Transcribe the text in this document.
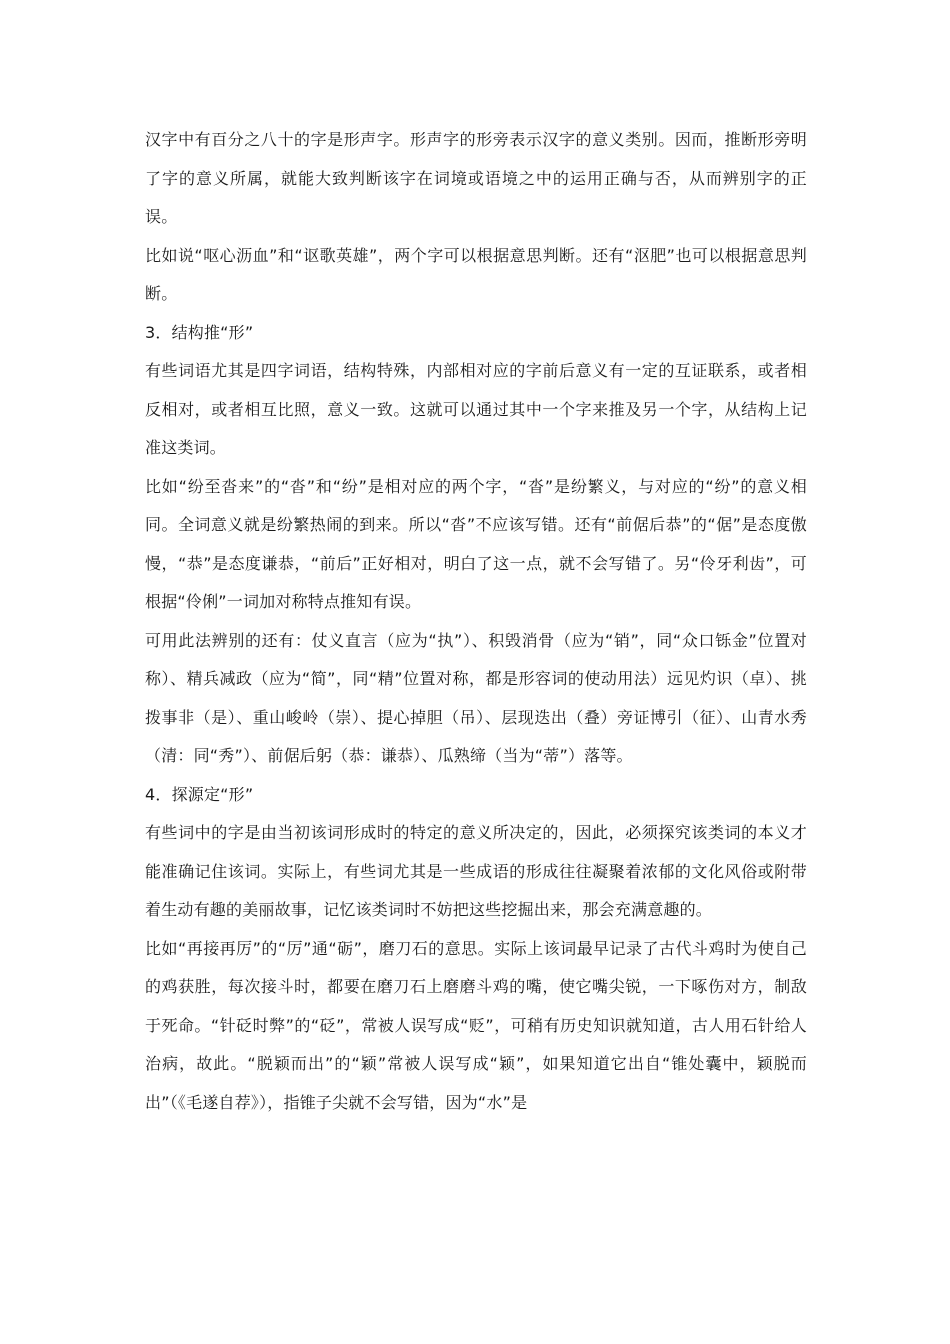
汉字中有百分之八十的字是形声字。形声字的形旁表示汉字的意义类别。因而，推断形旁明了字的意义所属，就能大致判断该字在词境或语境之中的运用正确与否，从而辨别字的正误。

比如说“呕心沥血”和“讴歌英雄”，两个字可以根据意思判断。还有“沤肥”也可以根据意思判断。

3．结构推“形”

有些词语尤其是四字词语，结构特殊，内部相对应的字前后意义有一定的互证联系，或者相反相对，或者相互比照，意义一致。这就可以通过其中一个字来推及另一个字，从结构上记准这类词。

比如“纷至沓来”的“沓”和“纷”是相对应的两个字，“沓”是纷繁义，与对应的“纷”的意义相同。全词意义就是纷繁热闹的到来。所以“沓”不应该写错。还有“前倨后恭”的“倨”是态度傲慢，“恭”是态度谦恭，“前后”正好相对，明白了这一点，就不会写错了。另“伶牙利齿”，可根据“伶俐”一词加对称特点推知有误。

可用此法辨别的还有：仗义直言（应为“执”）、积毁消骨（应为“销”，同“众口铄金”位置对称）、精兵减政（应为“简”，同“精”位置对称，都是形容词的使动用法）远见灼识（卓）、挑拨事非（是）、重山峻岭（崇）、提心掉胆（吊）、层现迭出（叠）旁证博引（征）、山青水秀（清：同“秀”）、前倨后躬（恭：谦恭）、瓜熟缔（当为“蒂”）落等。

4．探源定“形”

有些词中的字是由当初该词形成时的特定的意义所决定的，因此，必须探究该类词的本义才能准确记住该词。实际上，有些词尤其是一些成语的形成往往凝聚着浓郁的文化风俗或附带着生动有趣的美丽故事，记忆该类词时不妨把这些挖掘出来，那会充满意趣的。

比如“再接再厉”的“厉”通“砺”，磨刀石的意思。实际上该词最早记录了古代斗鸡时为使自己的鸡获胜，每次接斗时，都要在磨刀石上磨磨斗鸡的嘴，使它嘴尖锐，一下啄伤对方，制敌于死命。“针砭时弊”的“砭”，常被人误写成“贬”，可稍有历史知识就知道，古人用石针给人治病，故此。“脱颖而出”的“颖”常被人误写成“颖”，如果知道它出自“锥处囊中，颖脱而出”（《毛遂自荐》），指锥子尖就不会写错，因为“水”是
